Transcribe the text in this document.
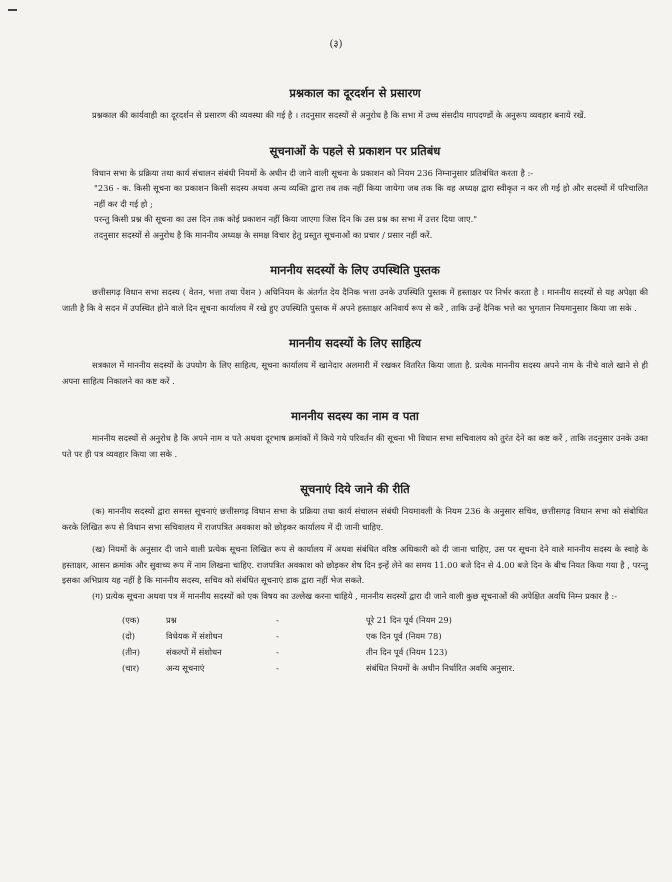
(३)
प्रश्नकाल का दूरदर्शन से प्रसारण

प्रश्नकाल की कार्यवाही का दूरदर्शन से प्रसारण की व्यवस्था की गई है । तदनुसार सदस्यों से अनुरोध है कि सभा में उच्च संसदीय मापदण्डों के अनुरूप व्यवहार बनाये रखें.

सूचनाओं के पहले से प्रकाशन पर प्रतिबंध

विधान सभा के प्रक्रिया तथा कार्य संचालन संबंधी नियमों के अधीन दी जाने वाली सूचना के प्रकाशन को नियम 236 निम्नानुसार प्रतिबंधित करता है :-

"236 - क. किसी सूचना का प्रकाशन किसी सदस्य अथवा अन्य व्यक्ति द्वारा तब तक नहीं किया जायेगा जब तक कि वह अध्यक्ष द्वारा स्वीकृत न कर ली गई हो और सदस्यों में परिचालित नहीं कर दी गई हो ;

परन्तु किसी प्रश्न की सूचना का उस दिन तक कोई प्रकाशन नहीं किया जाएगा जिस दिन कि उस प्रश्न का सभा में उत्तर दिया जाए."

तदनुसार सदस्यों से अनुरोध है कि माननीय अध्यक्ष के समक्ष विचार हेतु प्रस्तुत सूचनाओं का प्रचार / प्रसार नहीं करें.

माननीय सदस्यों के लिए उपस्थिति पुस्तक

छत्तीसगढ़ विधान सभा सदस्य ( वेतन, भत्ता तथा पेंशन ) अधिनियम के अंतर्गत देय दैनिक भत्ता उनके उपस्थिति पुस्तक में हस्ताक्षर पर निर्भर करता है । माननीय सदस्यों से यह अपेक्षा की जाती है कि वे सदन में उपस्थित होने वाले दिन सूचना कार्यालय में रखे हुए उपस्थिति पुस्तक में अपने हस्ताक्षर अनिवार्य रूप से करें , ताकि उन्हें दैनिक भत्ते का भुगतान नियमानुसार किया जा सके .

माननीय सदस्यों के लिए साहित्य

सत्रकाल में माननीय सदस्यों के उपयोग के लिए साहित्य, सूचना कार्यालय में खानेदार अलमारी में रखकर वितरित किया जाता है. प्रत्येक माननीय सदस्य अपने नाम के नीचे वाले खाने से ही अपना साहित्य निकालने का कष्ट करें .

माननीय सदस्य का नाम व पता

माननीय सदस्यों से अनुरोध है कि अपने नाम व पते अथवा दूरभाष क्रमांकों में किये गये परिवर्तन की सूचना भी विधान सभा सचिवालय को तुरंत देने का कष्ट करें , ताकि तदनुसार उनके उक्त पते पर ही पत्र व्यवहार किया जा सके .

सूचनाएं दिये जाने की रीति

(क) माननीय सदस्यों द्वारा समस्त सूचनाएं छत्तीसगढ़ विधान सभा के प्रक्रिया तथा कार्य संचालन संबंधी नियमावली के नियम 236 के अनुसार सचिव, छत्तीसगढ़ विधान सभा को संबोधित करके लिखित रूप से विधान सभा सचिवालय में राजपत्रित अवकाश को छोड़कर कार्यालय में दी जानी चाहिए.

(ख) नियमों के अनुसार दी जाने वाली प्रत्येक सूचना लिखित रूप से कार्यालय में अथवा संबंधित वरिष्ठ अधिकारी को दी जाना चाहिए, उस पर सूचना देने वाले माननीय सदस्य के स्वाहे के हस्ताक्षर, आसन क्रमांक और सुवाच्य रूप में नाम लिखना चाहिए. राजपत्रित अवकाश को छोड़कर शेष दिन इन्हें लेने का समय 11.00 बजे दिन से 4.00 बजे दिन के बीच नियत किया गया है , परन्तु इसका अभिप्राय यह नहीं है कि माननीय सदस्य, सचिव को संबंधित सूचनाएं डाक द्वारा नहीं भेज सकते.

(ग) प्रत्येक सूचना अथवा पत्र में माननीय सदस्यों को एक विषय का उल्लेख करना चाहिये , माननीय सदस्यों द्वारा दी जाने वाली कुछ सूचनाओं की अपेक्षित अवधि निम्न प्रकार है :-

(एक)	प्रश्न	-	पूरे 21 दिन पूर्व (नियम 29)
(दो)	विधेयक में संशोधन	-	एक दिन पूर्व (नियम 78)
(तीन)	संकल्पों में संशोधन	-	तीन दिन पूर्व (नियम 123)
(चार)	अन्य सूचनाएं	-	संबंधित नियमों के अधीन निर्धारित अवधि अनुसार.
